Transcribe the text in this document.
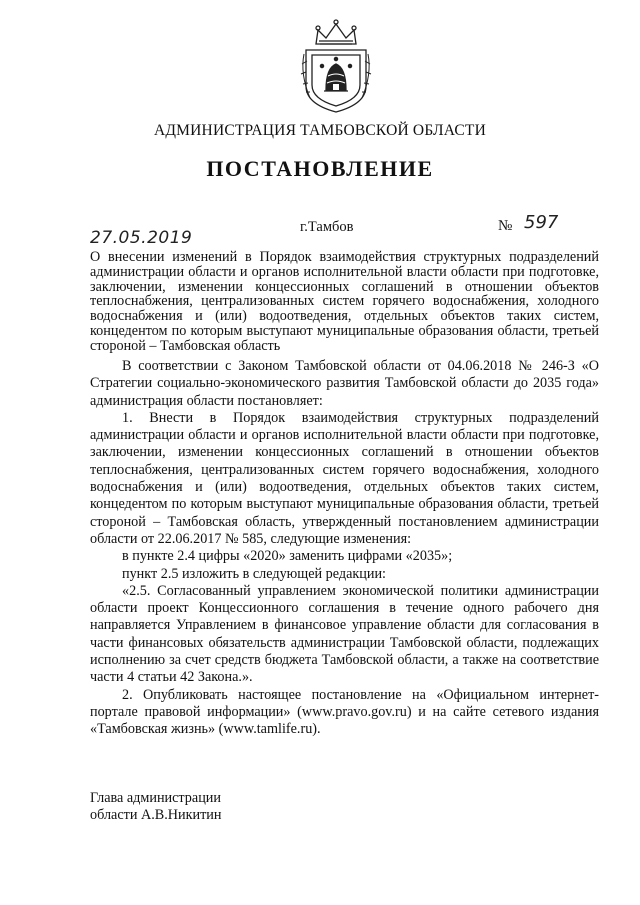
АДМИНИСТРАЦИЯ ТАМБОВСКОЙ ОБЛАСТИ
ПОСТАНОВЛЕНИЕ
27.05.2019
г.Тамбов	№ 597
О внесении изменений в Порядок взаимодействия структурных подразделений администрации области и органов исполнительной власти области при подготовке, заключении, изменении концессионных соглашений в отношении объектов теплоснабжения, централизованных систем горячего водоснабжения, холодного водоснабжения и (или) водоотведения, отдельных объектов таких систем, концедентом по которым выступают муниципальные образования области, третьей стороной – Тамбовская область

В соответствии с Законом Тамбовской области от 04.06.2018 № 246-З «О Стратегии социально-экономического развития Тамбовской области до 2035 года» администрация области постановляет:

1. Внести в Порядок взаимодействия структурных подразделений администрации области и органов исполнительной власти области при подготовке, заключении, изменении концессионных соглашений в отношении объектов теплоснабжения, централизованных систем горячего водоснабжения, холодного водоснабжения и (или) водоотведения, отдельных объектов таких систем, концедентом по которым выступают муниципальные образования области, третьей стороной – Тамбовская область, утвержденный постановлением администрации области от 22.06.2017 № 585, следующие изменения:

в пункте 2.4 цифры «2020» заменить цифрами «2035»;

пункт 2.5 изложить в следующей редакции:

«2.5. Согласованный управлением экономической политики администрации области проект Концессионного соглашения в течение одного рабочего дня направляется Управлением в финансовое управление области для согласования в части финансовых обязательств администрации Тамбовской области, подлежащих исполнению за счет средств бюджета Тамбовской области, а также на соответствие части 4 статьи 42 Закона.».

2. Опубликовать настоящее постановление на «Официальном интернет-портале правовой информации» (www.pravo.gov.ru) и на сайте сетевого издания «Тамбовская жизнь» (www.tamlife.ru).

Глава администрации
области А.В.Никитин
